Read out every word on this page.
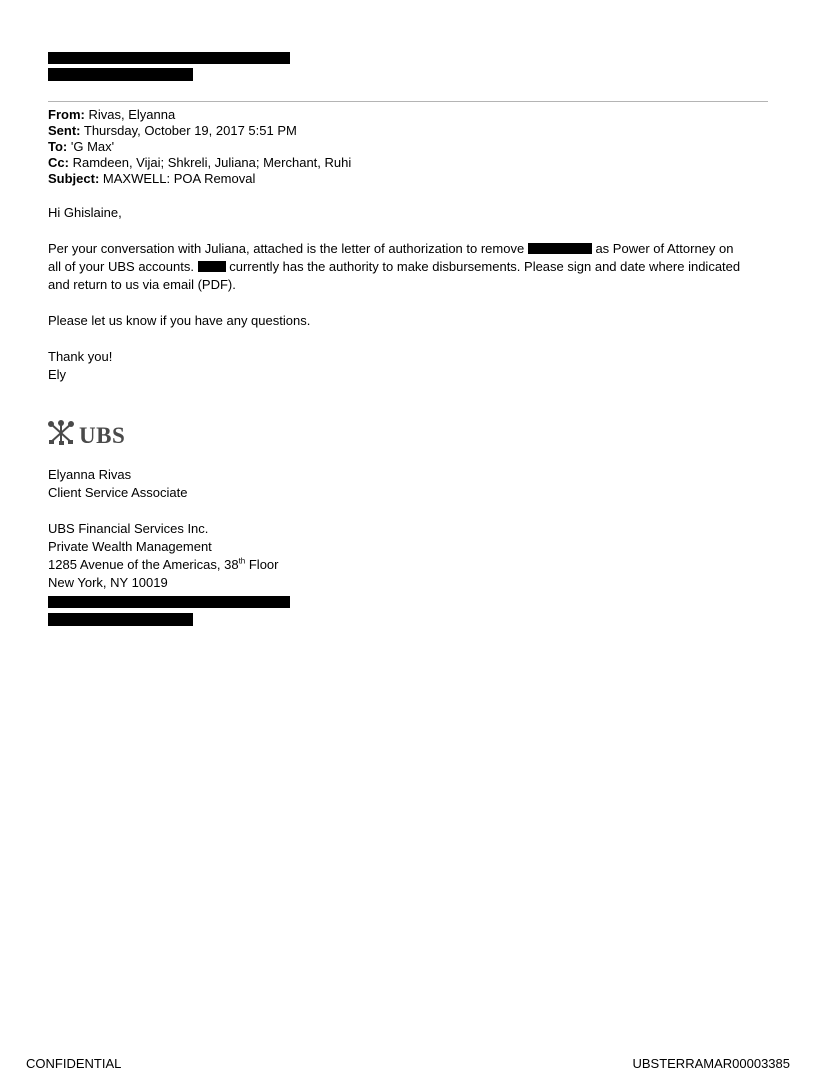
From: Rivas, Elyanna
Sent: Thursday, October 19, 2017 5:51 PM
To: 'G Max'
Cc: Ramdeen, Vijai; Shkreli, Juliana; Merchant, Ruhi
Subject: MAXWELL: POA Removal
Hi Ghislaine,
Per your conversation with Juliana, attached is the letter of authorization to remove	as Power of Attorney on
all of your UBS accounts.	currently has the authority to make disbursements. Please sign and date where indicated
and return to us via email (PDF).
Please let us know if you have any questions.
Thank you!
Ely
UBS
Elyanna Rivas
Client Service Associate
UBS Financial Services Inc.
Private Wealth Management
1285 Avenue of the Americas, 38th Floor
New York, NY 10019
CONFIDENTIAL	UBSTERRAMAR00003385
